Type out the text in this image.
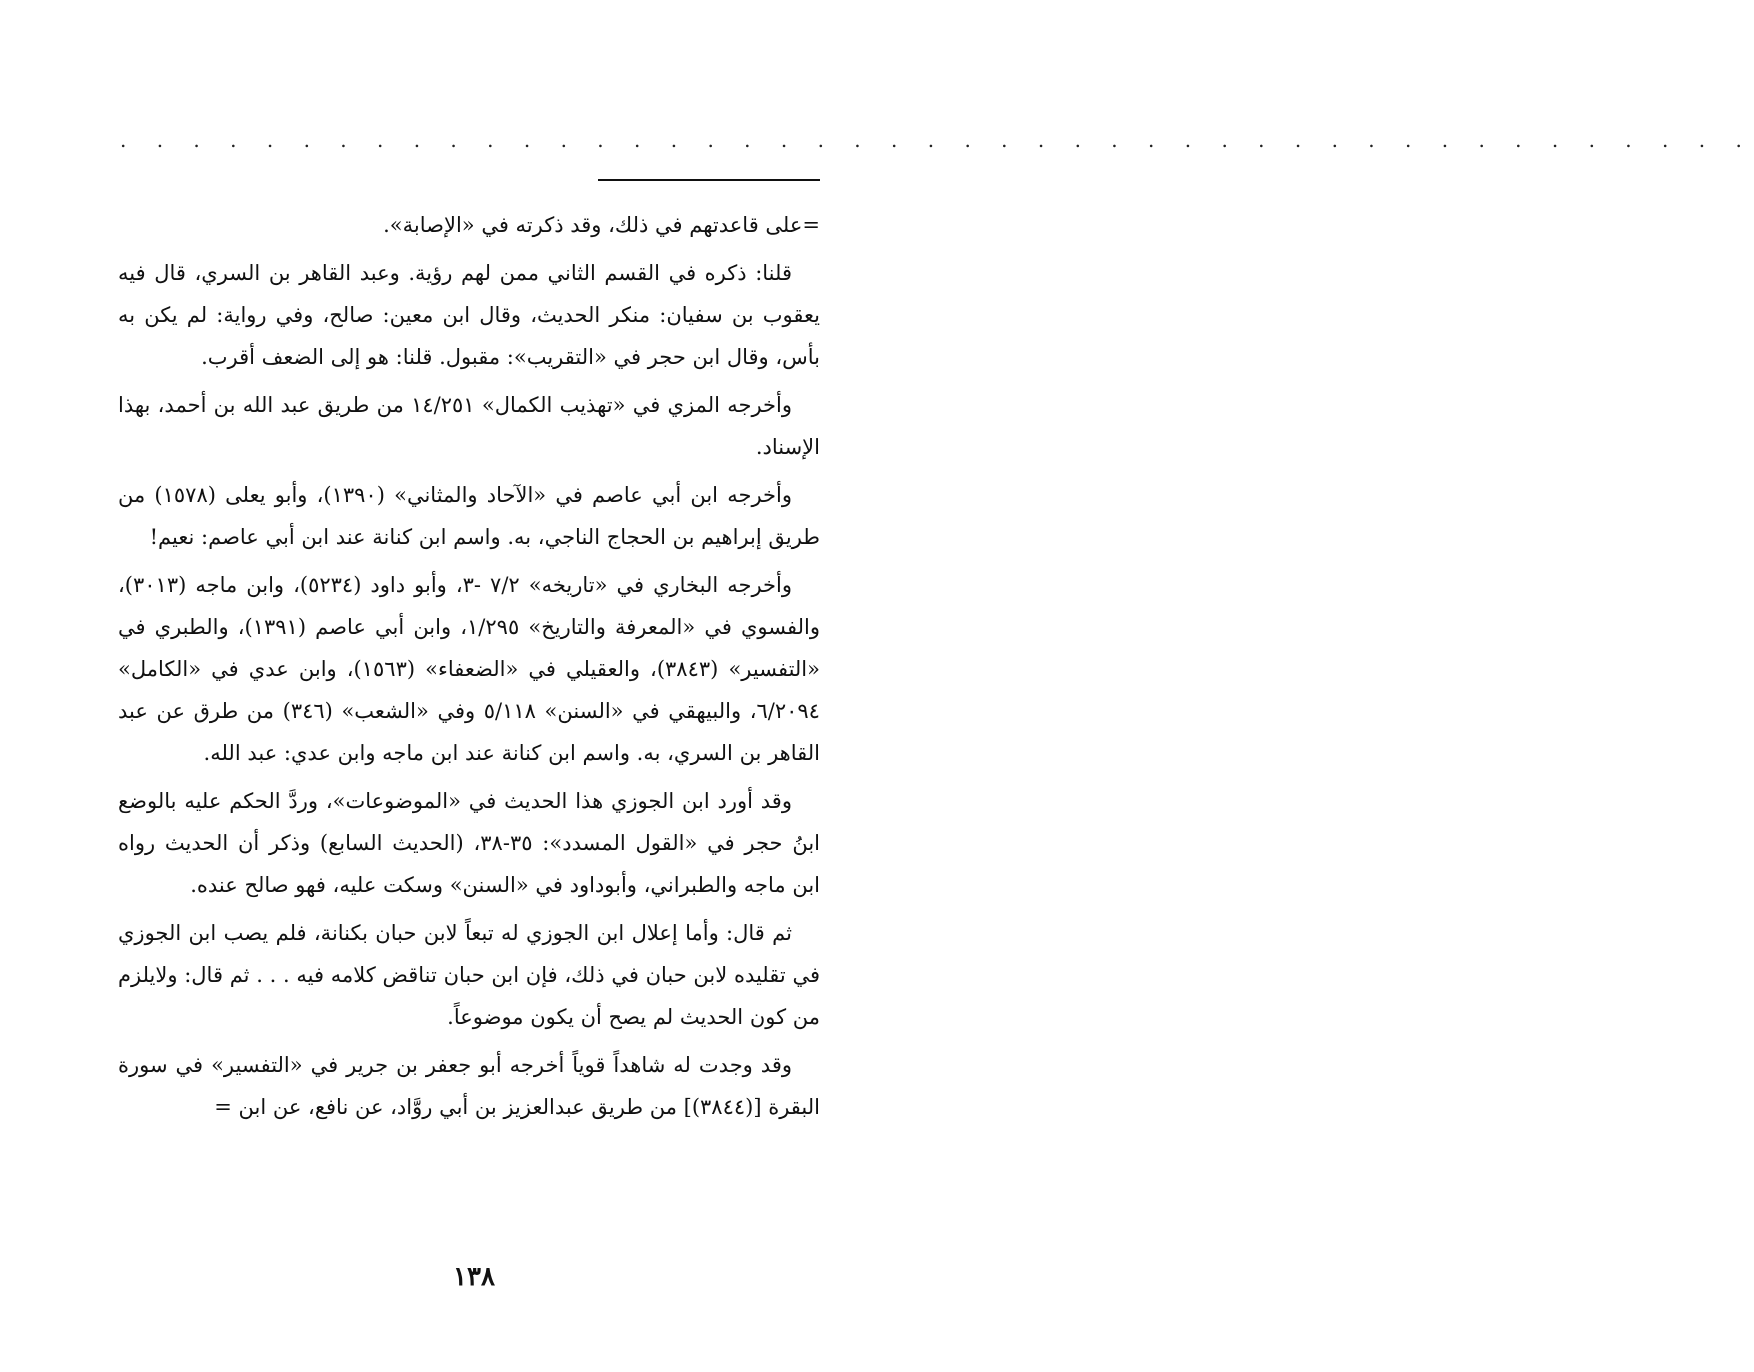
. . . . . . . . . . . . . . . . . . . . . . . . . . . . . . . . . . . . . . . . . . . . .

=على قاعدتهم في ذلك، وقد ذكرته في «الإصابة».

قلنا: ذكره في القسم الثاني ممن لهم رؤية. وعبد القاهر بن السري، قال فيه يعقوب بن سفيان: منكر الحديث، وقال ابن معين: صالح، وفي رواية: لم يكن به بأس، وقال ابن حجر في «التقريب»: مقبول. قلنا: هو إلى الضعف أقرب.

وأخرجه المزي في «تهذيب الكمال» ١٤/٢٥١ من طريق عبد الله بن أحمد، بهذا الإسناد.

وأخرجه ابن أبي عاصم في «الآحاد والمثاني» (١٣٩٠)، وأبو يعلى (١٥٧٨) من طريق إبراهيم بن الحجاج الناجي، به. واسم ابن كنانة عند ابن أبي عاصم: نعيم!

وأخرجه البخاري في «تاريخه» ٧/٢ -٣، وأبو داود (٥٢٣٤)، وابن ماجه (٣٠١٣)، والفسوي في «المعرفة والتاريخ» ١/٢٩٥، وابن أبي عاصم (١٣٩١)، والطبري في «التفسير» (٣٨٤٣)، والعقيلي في «الضعفاء» (١٥٦٣)، وابن عدي في «الكامل» ٦/٢٠٩٤، والبيهقي في «السنن» ٥/١١٨ وفي «الشعب» (٣٤٦) من طرق عن عبد القاهر بن السري، به. واسم ابن كنانة عند ابن ماجه وابن عدي: عبد الله.

وقد أورد ابن الجوزي هذا الحديث في «الموضوعات»، وردَّ الحكم عليه بالوضع ابنُ حجر في «القول المسدد»: ٣٥-٣٨، (الحديث السابع) وذكر أن الحديث رواه ابن ماجه والطبراني، وأبوداود في «السنن» وسكت عليه، فهو صالح عنده.

ثم قال: وأما إعلال ابن الجوزي له تبعاً لابن حبان بكنانة، فلم يصب ابن الجوزي في تقليده لابن حبان في ذلك، فإن ابن حبان تناقض كلامه فيه . . . ثم قال: ولايلزم من كون الحديث لم يصح أن يكون موضوعاً.

وقد وجدت له شاهداً قوياً أخرجه أبو جعفر بن جرير في «التفسير» في سورة البقرة [(٣٨٤٤)] من طريق عبدالعزيز بن أبي روَّاد، عن نافع، عن ابن =

١٣٨
